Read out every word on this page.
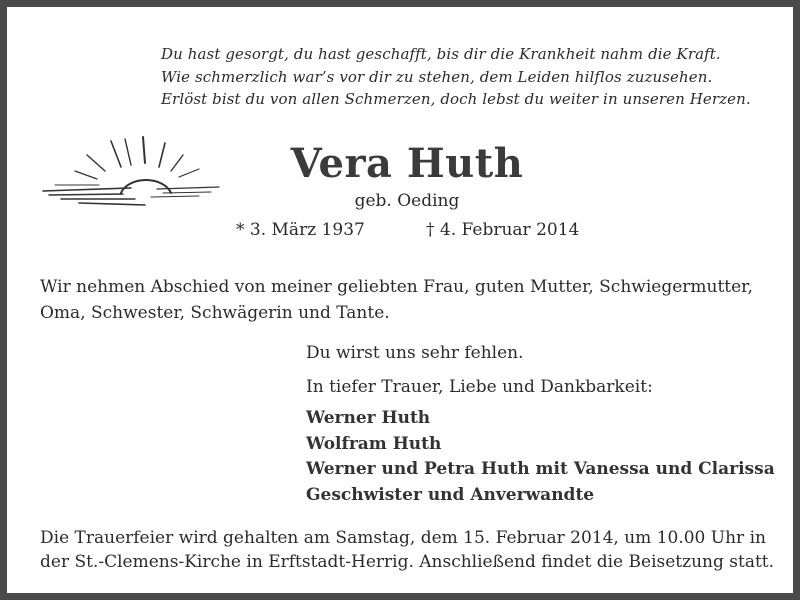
Du hast gesorgt, du hast geschafft, bis dir die Krankheit nahm die Kraft.
Wie schmerzlich war’s vor dir zu stehen, dem Leiden hilflos zuzusehen.
Erlöst bist du von allen Schmerzen, doch lebst du weiter in unseren Herzen.
Vera Huth
geb. Oeding
* 3. März 1937	† 4. Februar 2014
Wir nehmen Abschied von meiner geliebten Frau, guten Mutter, Schwiegermutter, Oma, Schwester, Schwägerin und Tante.
Du wirst uns sehr fehlen.
In tiefer Trauer, Liebe und Dankbarkeit:
Werner Huth
Wolfram Huth
Werner und Petra Huth mit Vanessa und Clarissa
Geschwister und Anverwandte
Die Trauerfeier wird gehalten am Samstag, dem 15. Februar 2014, um 10.00 Uhr in
der St.-Clemens-Kirche in Erftstadt-Herrig. Anschließend findet die Beisetzung statt.
